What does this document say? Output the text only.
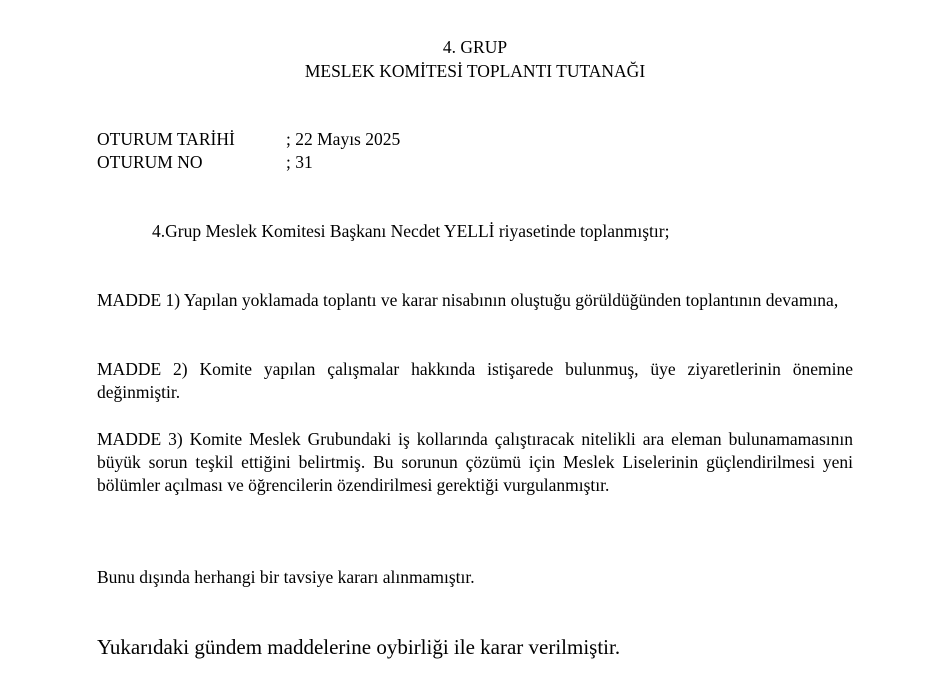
4. GRUP
MESLEK KOMİTESİ TOPLANTI TUTANAĞI
OTURUM TARİHİ	; 22 Mayıs 2025
OTURUM NO	; 31
4.Grup Meslek Komitesi Başkanı Necdet YELLİ riyasetinde toplanmıştır;
MADDE 1) Yapılan yoklamada toplantı ve karar nisabının oluştuğu görüldüğünden toplantının devamına,
MADDE 2) Komite yapılan çalışmalar hakkında istişarede bulunmuş, üye ziyaretlerinin önemine değinmiştir.
MADDE 3) Komite Meslek Grubundaki iş kollarında çalıştıracak nitelikli ara eleman bulunamamasının büyük sorun teşkil ettiğini belirtmiş. Bu sorunun çözümü için Meslek Liselerinin güçlendirilmesi yeni bölümler açılması ve öğrencilerin özendirilmesi gerektiği vurgulanmıştır.
Bunu dışında herhangi bir tavsiye kararı alınmamıştır.
Yukarıdaki gündem maddelerine oybirliği ile karar verilmiştir.
